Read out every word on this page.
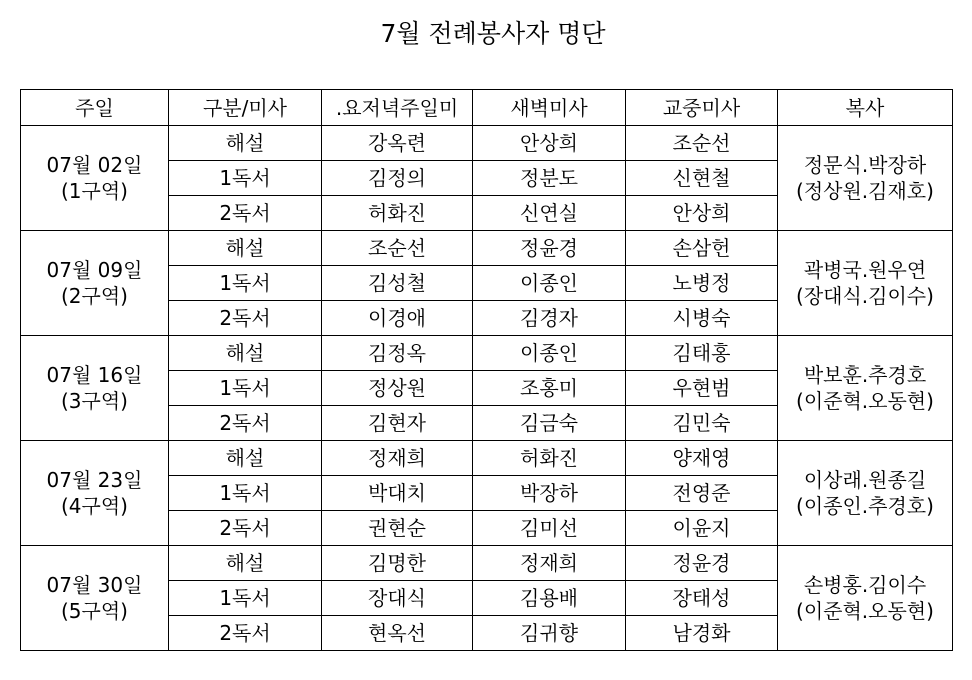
7월 전례봉사자 명단
주일	구분/미사	.요저녁주일미	새벽미사	교중미사	복사

07월 02일
(1구역)	해설	강옥련	안상희	조순선	정문식.박장하
(정상원.김재호)

	1독서	김정의	정분도	신현철	
	2독서	허화진	신연실	안상희	

07월 09일
(2구역)	해설	조순선	정윤경	손삼헌	곽병국.원우연
(장대식.김이수)

	1독서	김성철	이종인	노병정	
	2독서	이경애	김경자	시병숙	

07월 16일
(3구역)	해설	김정옥	이종인	김태홍	박보훈.추경호
(이준혁.오동현)

	1독서	정상원	조홍미	우현범	
	2독서	김현자	김금숙	김민숙	

07월 23일
(4구역)	해설	정재희	허화진	양재영	이상래.원종길
(이종인.추경호)

	1독서	박대치	박장하	전영준	
	2독서	권현순	김미선	이윤지	

07월 30일
(5구역)	해설	김명한	정재희	정윤경	손병홍.김이수
(이준혁.오동현)

	1독서	장대식	김용배	장태성	
	2독서	현옥선	김귀향	남경화	
